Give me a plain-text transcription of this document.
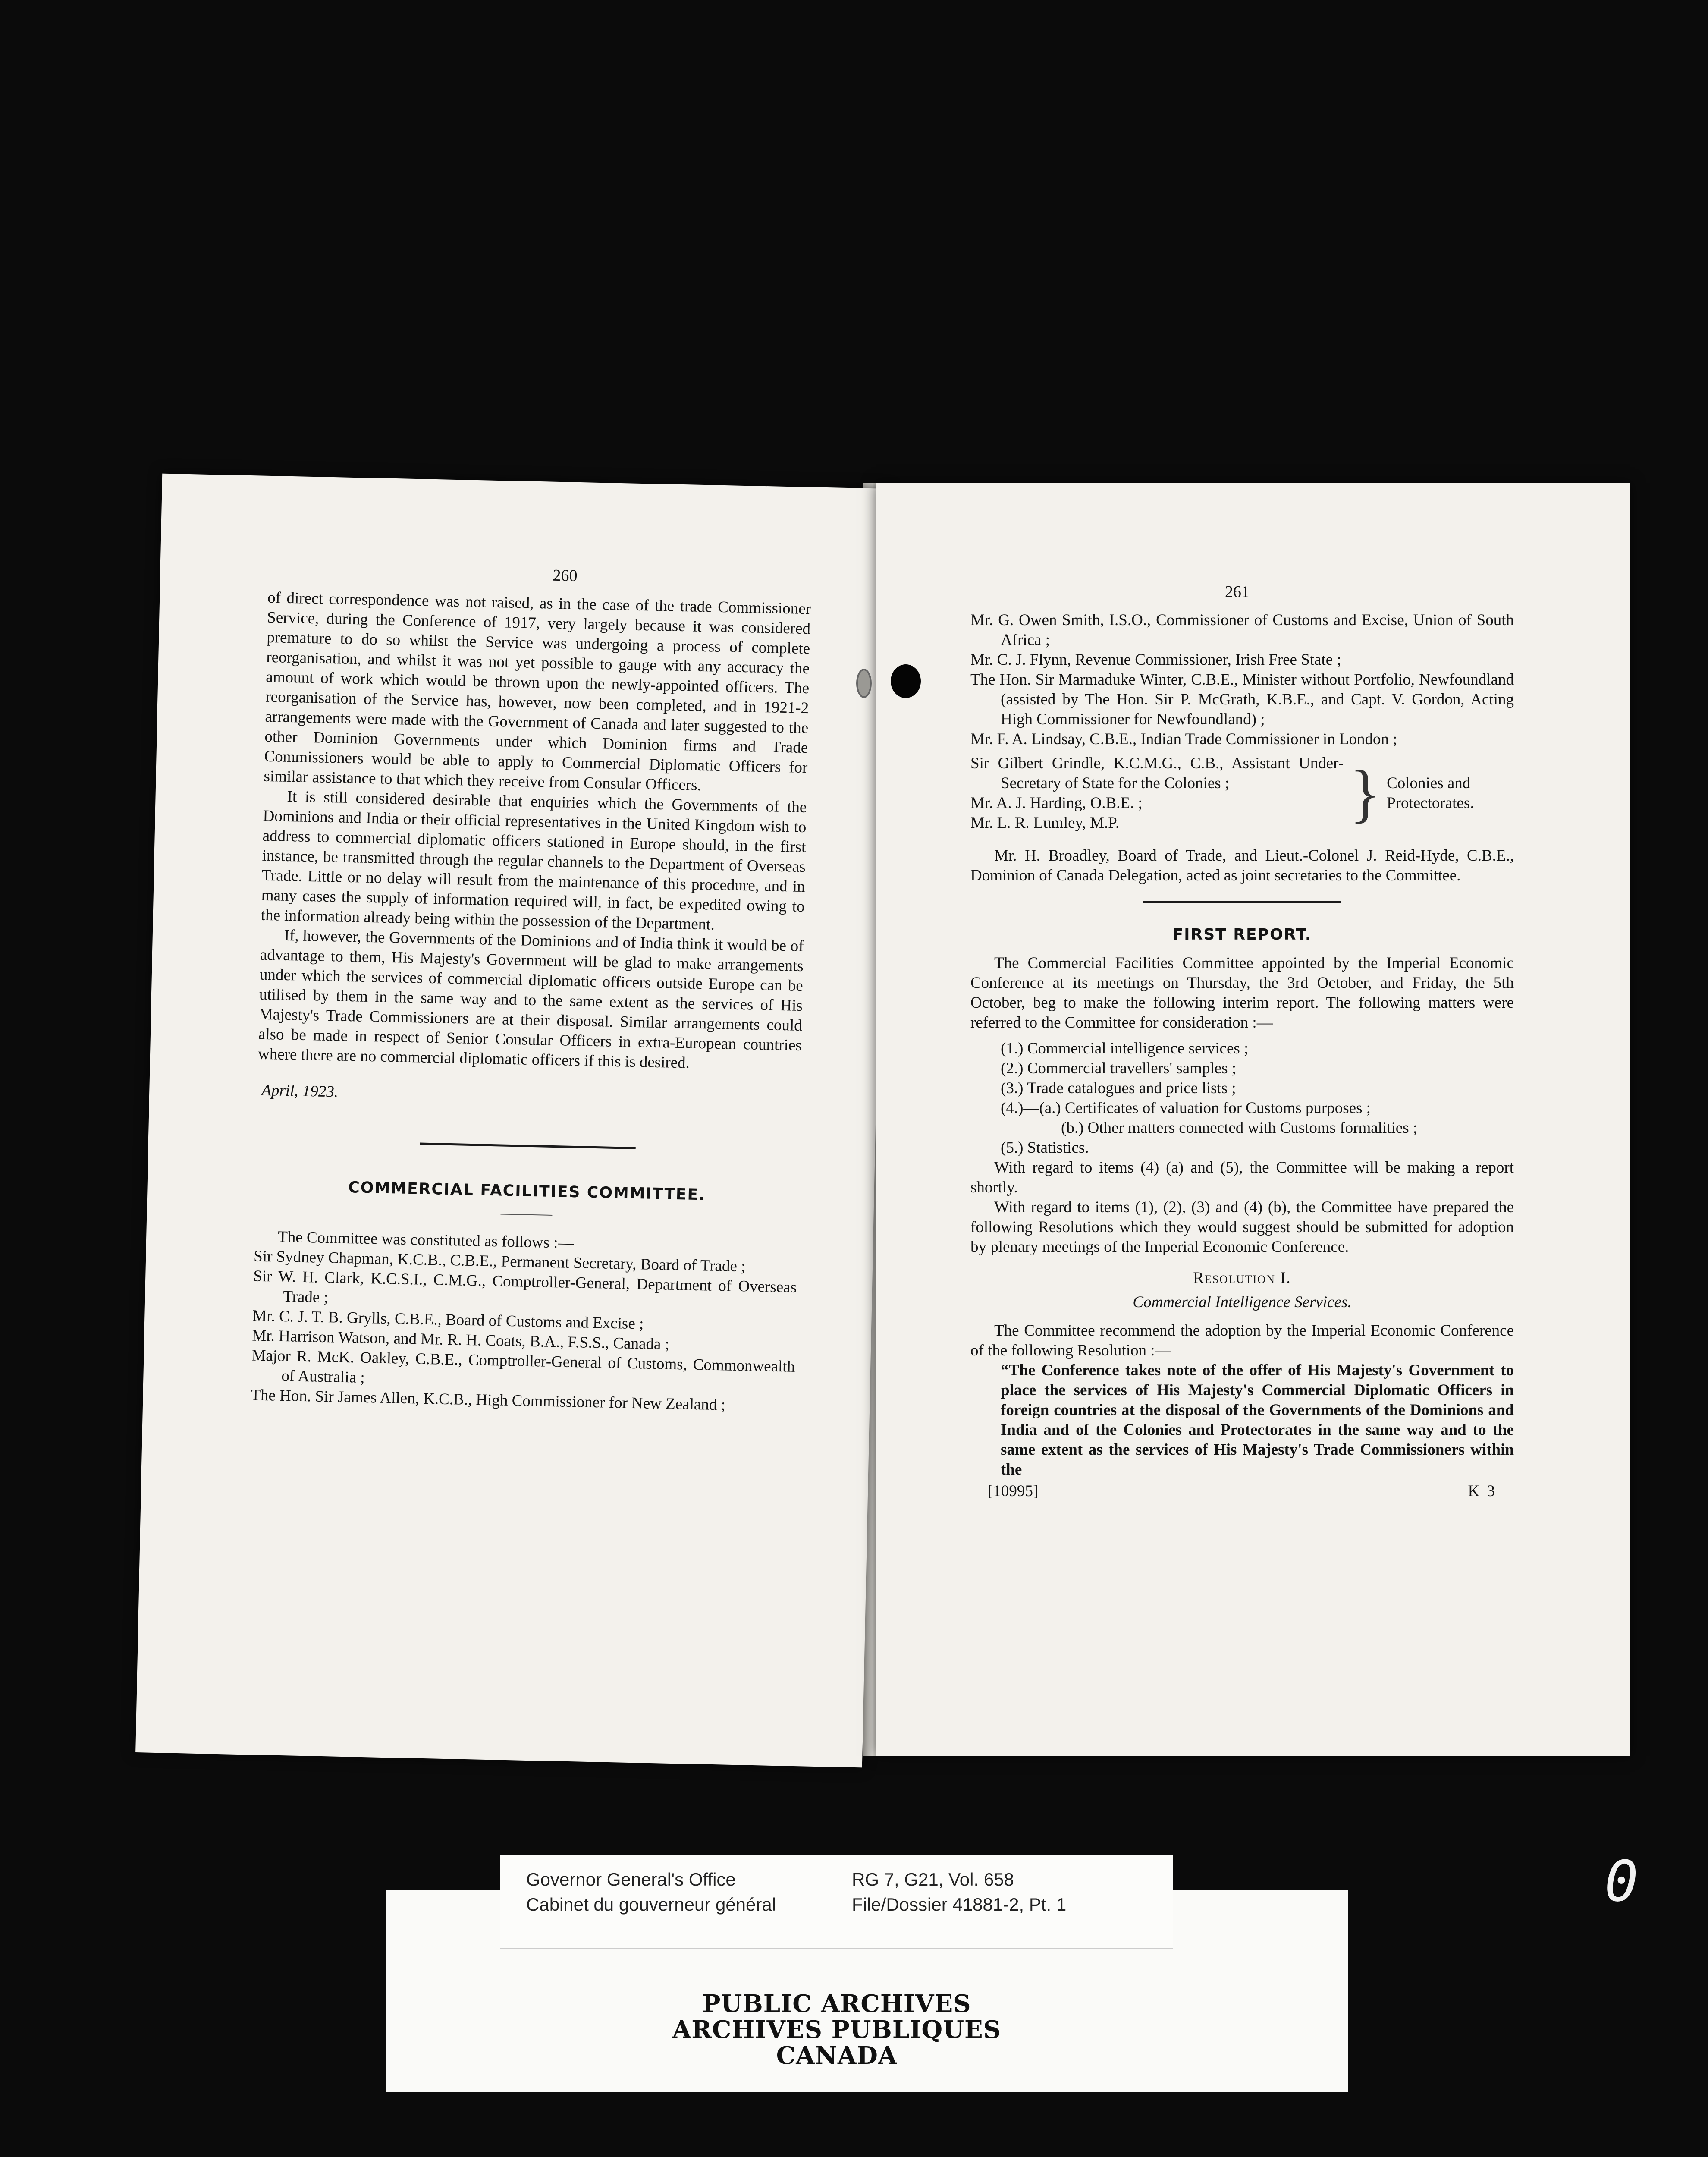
260

of direct correspondence was not raised, as in the case of the trade Commissioner Service, during the Conference of 1917, very largely because it was considered premature to do so whilst the Service was undergoing a process of complete reorganisation, and whilst it was not yet possible to gauge with any accuracy the amount of work which would be thrown upon the newly-appointed officers. The reorganisation of the Service has, however, now been completed, and in 1921-2 arrangements were made with the Government of Canada and later suggested to the other Dominion Governments under which Dominion firms and Trade Commissioners would be able to apply to Commercial Diplomatic Officers for similar assistance to that which they receive from Consular Officers.

It is still considered desirable that enquiries which the Governments of the Dominions and India or their official representatives in the United Kingdom wish to address to commercial diplomatic officers stationed in Europe should, in the first instance, be transmitted through the regular channels to the Department of Overseas Trade. Little or no delay will result from the maintenance of this procedure, and in many cases the supply of information required will, in fact, be expedited owing to the information already being within the possession of the Department.

If, however, the Governments of the Dominions and of India think it would be of advantage to them, His Majesty's Government will be glad to make arrangements under which the services of commercial diplomatic officers outside Europe can be utilised by them in the same way and to the same extent as the services of His Majesty's Trade Commissioners are at their disposal. Similar arrangements could also be made in respect of Senior Consular Officers in extra-European countries where there are no commercial diplomatic officers if this is desired.

April, 1923.

COMMERCIAL FACILITIES COMMITTEE.

The Committee was constituted as follows :—

Sir Sydney Chapman, K.C.B., C.B.E., Permanent Secretary, Board of Trade ;

Sir W. H. Clark, K.C.S.I., C.M.G., Comptroller-General, Department of Overseas Trade ;

Mr. C. J. T. B. Grylls, C.B.E., Board of Customs and Excise ;

Mr. Harrison Watson, and Mr. R. H. Coats, B.A., F.S.S., Canada ;

Major R. McK. Oakley, C.B.E., Comptroller-General of Customs, Commonwealth of Australia ;

The Hon. Sir James Allen, K.C.B., High Commissioner for New Zealand ;

261

Mr. G. Owen Smith, I.S.O., Commissioner of Customs and Excise, Union of South Africa ;

Mr. C. J. Flynn, Revenue Commissioner, Irish Free State ;

The Hon. Sir Marmaduke Winter, C.B.E., Minister without Portfolio, Newfoundland (assisted by The Hon. Sir P. McGrath, K.B.E., and Capt. V. Gordon, Acting High Commissioner for Newfoundland) ;

Mr. F. A. Lindsay, C.B.E., Indian Trade Commissioner in London ;

Sir Gilbert Grindle, K.C.M.G., C.B., Assistant Under-Secretary of State for the Colonies ;

Mr. A. J. Harding, O.B.E. ;

Mr. L. R. Lumley, M.P.	} Colonies and Protectorates.

Mr. H. Broadley, Board of Trade, and Lieut.-Colonel J. Reid-Hyde, C.B.E., Dominion of Canada Delegation, acted as joint secretaries to the Committee.

FIRST REPORT.

The Commercial Facilities Committee appointed by the Imperial Economic Conference at its meetings on Thursday, the 3rd October, and Friday, the 5th October, beg to make the following interim report. The following matters were referred to the Committee for consideration :—

(1.) Commercial intelligence services ;

(2.) Commercial travellers' samples ;

(3.) Trade catalogues and price lists ;

(4.)—(a.) Certificates of valuation for Customs purposes ;

(b.) Other matters connected with Customs formalities ;

(5.) Statistics.

With regard to items (4) (a) and (5), the Committee will be making a report shortly.

With regard to items (1), (2), (3) and (4) (b), the Committee have prepared the following Resolutions which they would suggest should be submitted for adoption by plenary meetings of the Imperial Economic Conference.

Resolution I.

Commercial Intelligence Services.

The Committee recommend the adoption by the Imperial Economic Conference of the following Resolution :—

“The Conference takes note of the offer of His Majesty's Government to place the services of His Majesty's Commercial Diplomatic Officers in foreign countries at the disposal of the Governments of the Dominions and India and of the Colonies and Protectorates in the same way and to the same extent as the services of His Majesty's Trade Commissioners within the

[10995]	K 3
Governor General's Office
Cabinet du gouverneur général
RG 7, G21, Vol. 658
File/Dossier 41881-2, Pt. 1
PUBLIC ARCHIVES
ARCHIVES PUBLIQUES
CANADA
0
